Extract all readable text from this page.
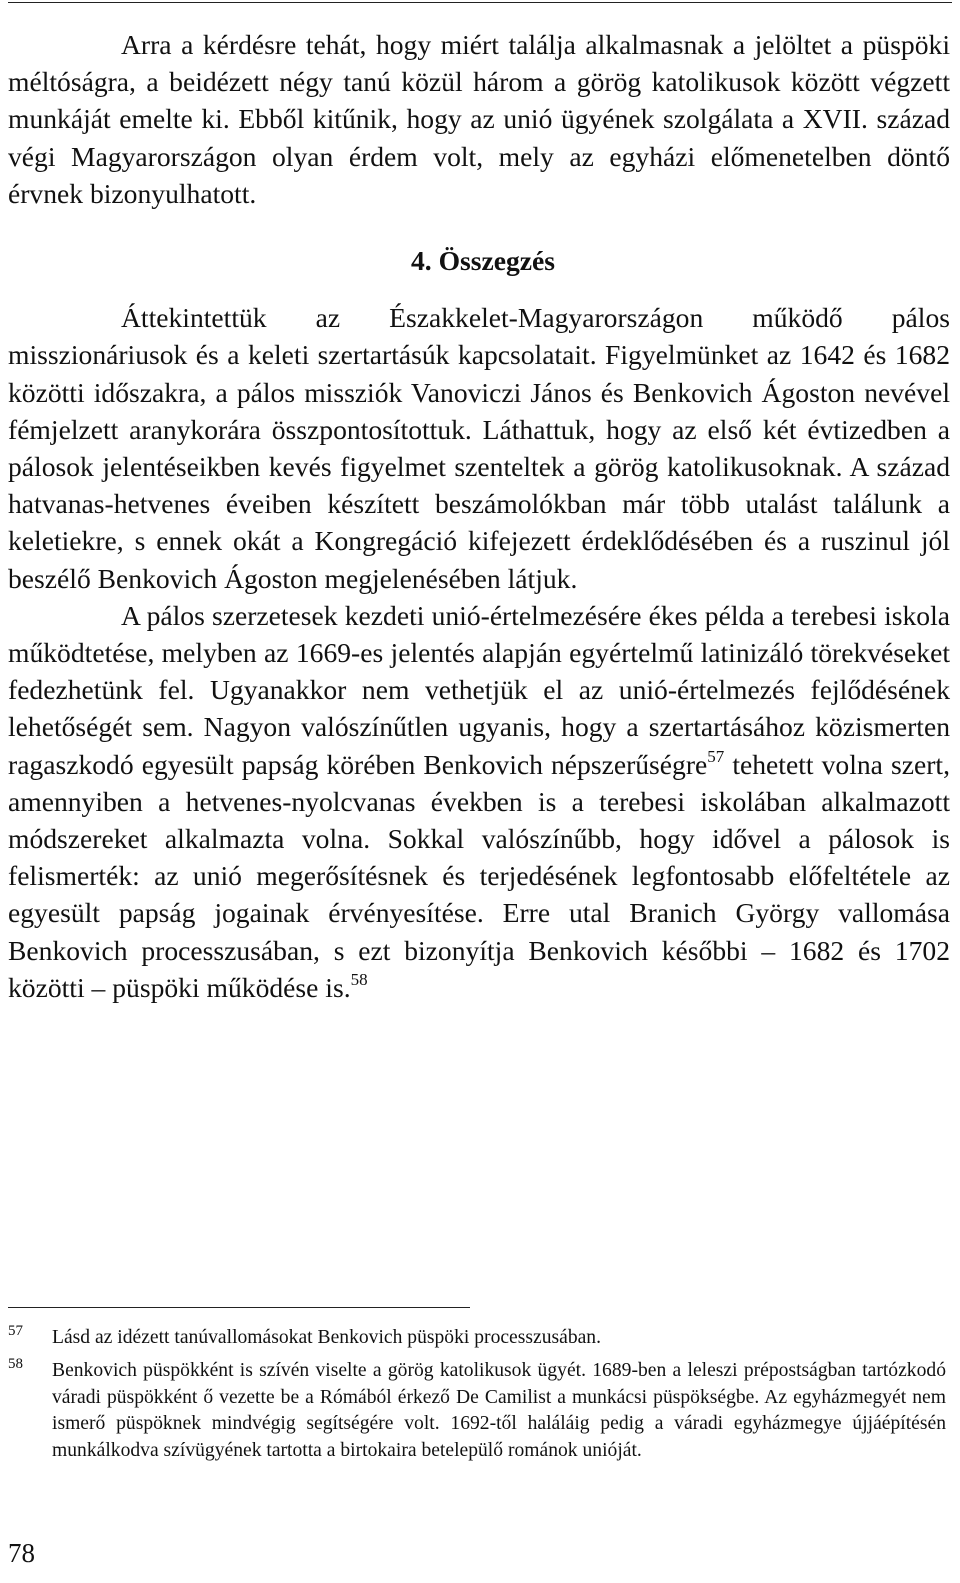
Arra a kérdésre tehát, hogy miért találja alkalmasnak a jelöltet a püspöki méltóságra, a beidézett négy tanú közül három a görög katolikusok között végzett munkáját emelte ki. Ebből kitűnik, hogy az unió ügyének szolgálata a XVII. század végi Magyarországon olyan érdem volt, mely az egyházi előmenetelben döntő érvnek bizonyulhatott.

4. Összegzés

Áttekintettük az Északkelet-Magyarországon működő pálos misszionáriusok és a keleti szertartásúk kapcsolatait. Figyelmünket az 1642 és 1682 közötti időszakra, a pálos missziók Vanoviczi János és Benkovich Ágoston nevével fémjelzett aranykorára összpontosítottuk. Láthattuk, hogy az első két évtizedben a pálosok jelentéseikben kevés figyelmet szenteltek a görög katolikusoknak. A század hatvanas-hetvenes éveiben készített beszámolókban már több utalást találunk a keletiekre, s ennek okát a Kongregáció kifejezett érdeklődésében és a ruszinul jól beszélő Benkovich Ágoston megjelenésében látjuk.

A pálos szerzetesek kezdeti unió-értelmezésére ékes példa a terebesi iskola működtetése, melyben az 1669-es jelentés alapján egyértelmű latinizáló törekvéseket fedezhetünk fel. Ugyanakkor nem vethetjük el az unió-értelmezés fejlődésének lehetőségét sem. Nagyon valószínűtlen ugyanis, hogy a szertartásához közismerten ragaszkodó egyesült papság körében Benkovich népszerűségre$^{57}$ tehetett volna szert, amennyiben a hetvenes-nyolcvanas években is a terebesi iskolában alkalmazott módszereket alkalmazta volna. Sokkal valószínűbb, hogy idővel a pálosok is felismerték: az unió megerősítésnek és terjedésének legfontosabb előfeltétele az egyesült papság jogainak érvényesítése. Erre utal Branich György vallomása Benkovich processzusában, s ezt bizonyítja Benkovich későbbi – 1682 és 1702 közötti – püspöki működése is.$^{58}$

57 Lásd az idézett tanúvallomásokat Benkovich püspöki processzusában.

58 Benkovich püspökként is szívén viselte a görög katolikusok ügyét. 1689-ben a leleszi prépostságban tartózkodó váradi püspökként ő vezette be a Rómából érkező De Camilist a munkácsi püspökségbe. Az egyházmegyét nem ismerő püspöknek mindvégig segítségére volt. 1692-től haláláig pedig a váradi egyházmegye újjáépítésén munkálkodva szívügyének tartotta a birtokaira betelepülő románok unióját.

78
